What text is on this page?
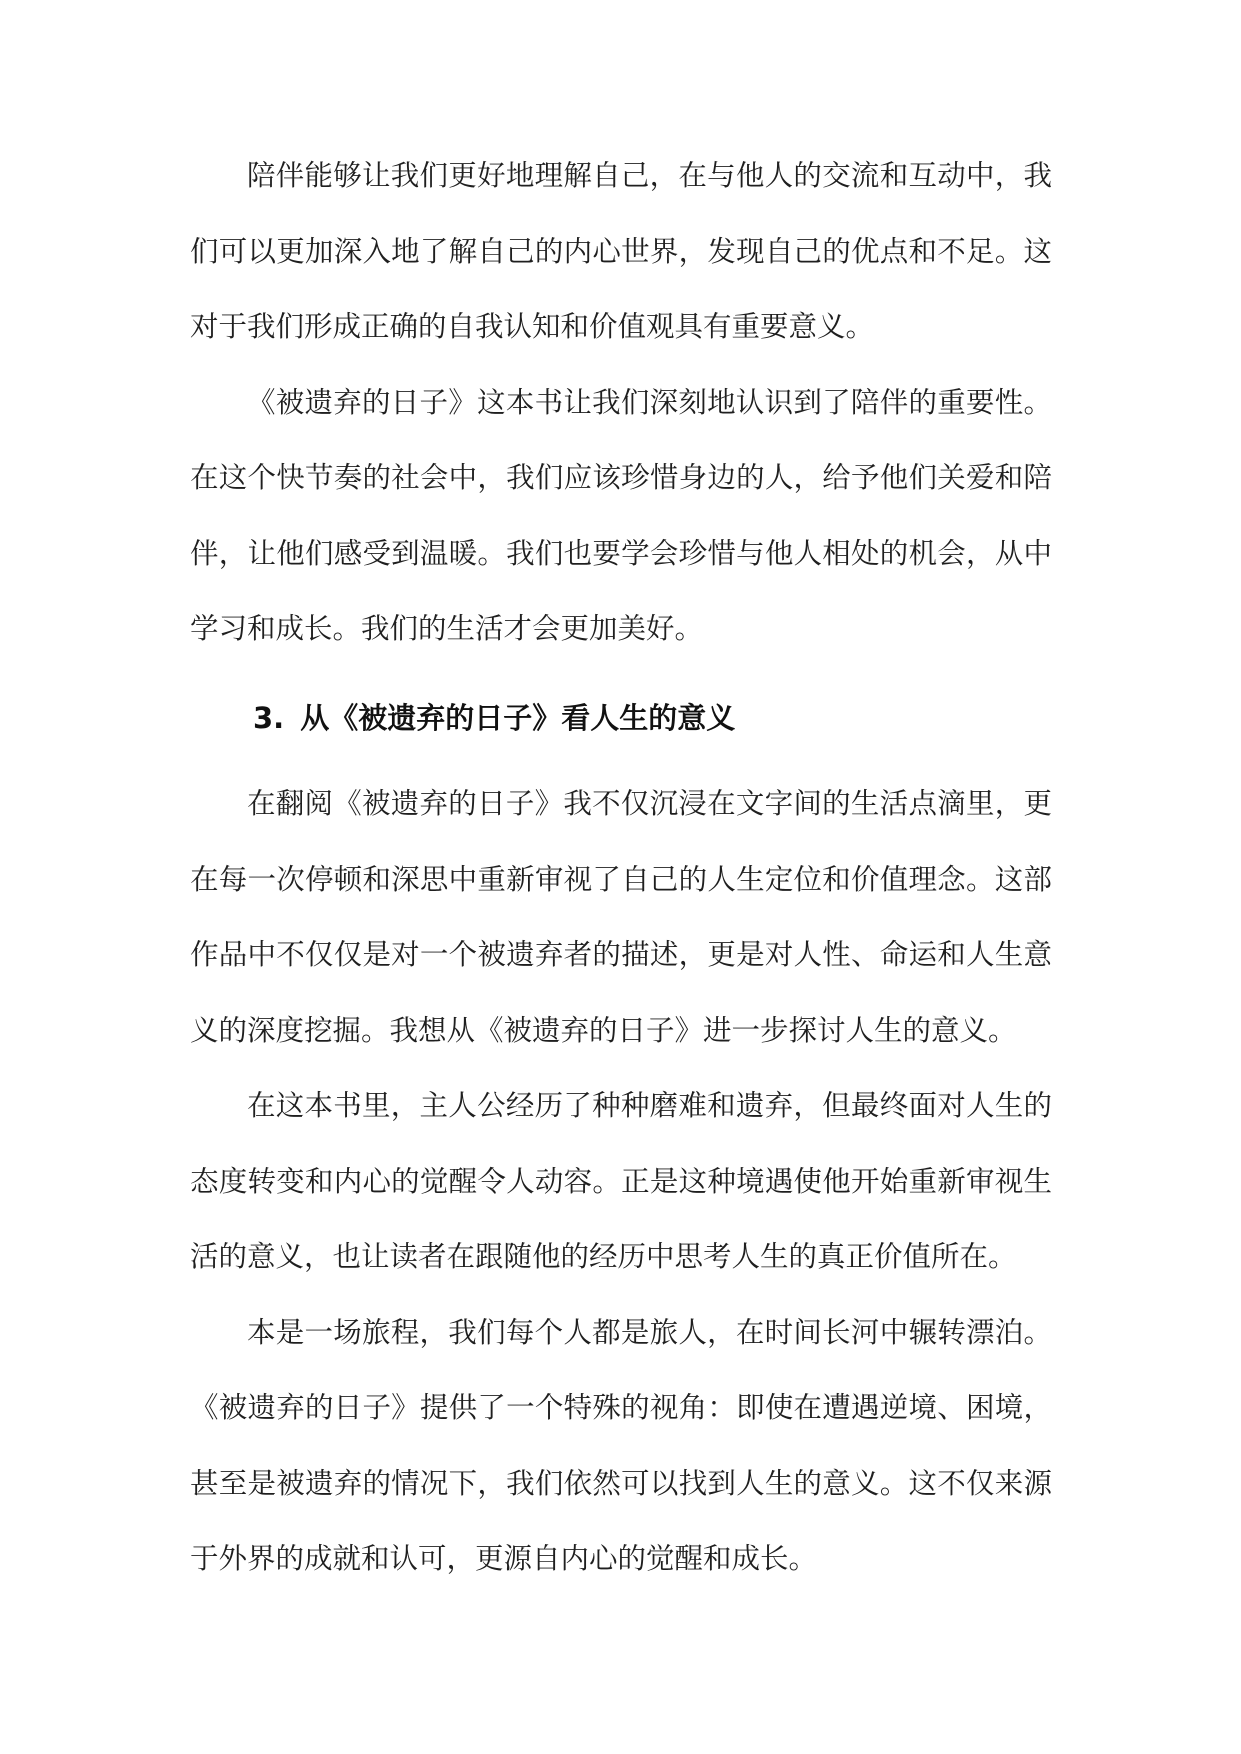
陪伴能够让我们更好地理解自己，在与他人的交流和互动中，我们可以更加深入地了解自己的内心世界，发现自己的优点和不足。这对于我们形成正确的自我认知和价值观具有重要意义。

《被遗弃的日子》这本书让我们深刻地认识到了陪伴的重要性。在这个快节奏的社会中，我们应该珍惜身边的人，给予他们关爱和陪伴，让他们感受到温暖。我们也要学会珍惜与他人相处的机会，从中学习和成长。我们的生活才会更加美好。

3. 从《被遗弃的日子》看人生的意义

在翻阅《被遗弃的日子》我不仅沉浸在文字间的生活点滴里，更在每一次停顿和深思中重新审视了自己的人生定位和价值理念。这部作品中不仅仅是对一个被遗弃者的描述，更是对人性、命运和人生意义的深度挖掘。我想从《被遗弃的日子》进一步探讨人生的意义。

在这本书里，主人公经历了种种磨难和遗弃，但最终面对人生的态度转变和内心的觉醒令人动容。正是这种境遇使他开始重新审视生活的意义，也让读者在跟随他的经历中思考人生的真正价值所在。

本是一场旅程，我们每个人都是旅人，在时间长河中辗转漂泊。《被遗弃的日子》提供了一个特殊的视角：即使在遭遇逆境、困境，甚至是被遗弃的情况下，我们依然可以找到人生的意义。这不仅来源于外界的成就和认可，更源自内心的觉醒和成长。
